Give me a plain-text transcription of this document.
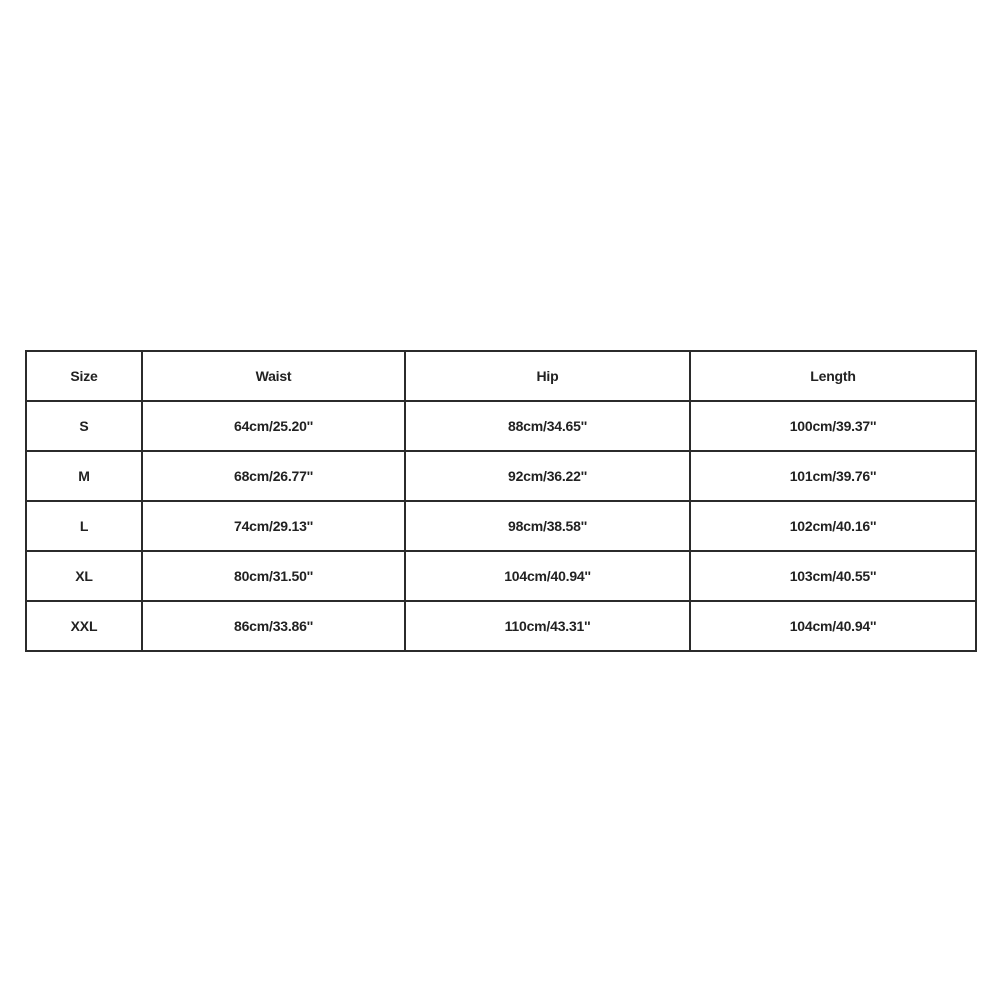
Size	Waist	Hip	Length
S	64cm/25.20''	88cm/34.65''	100cm/39.37''
M	68cm/26.77''	92cm/36.22''	101cm/39.76''
L	74cm/29.13''	98cm/38.58''	102cm/40.16''
XL	80cm/31.50''	104cm/40.94''	103cm/40.55''
XXL	86cm/33.86''	110cm/43.31''	104cm/40.94''
